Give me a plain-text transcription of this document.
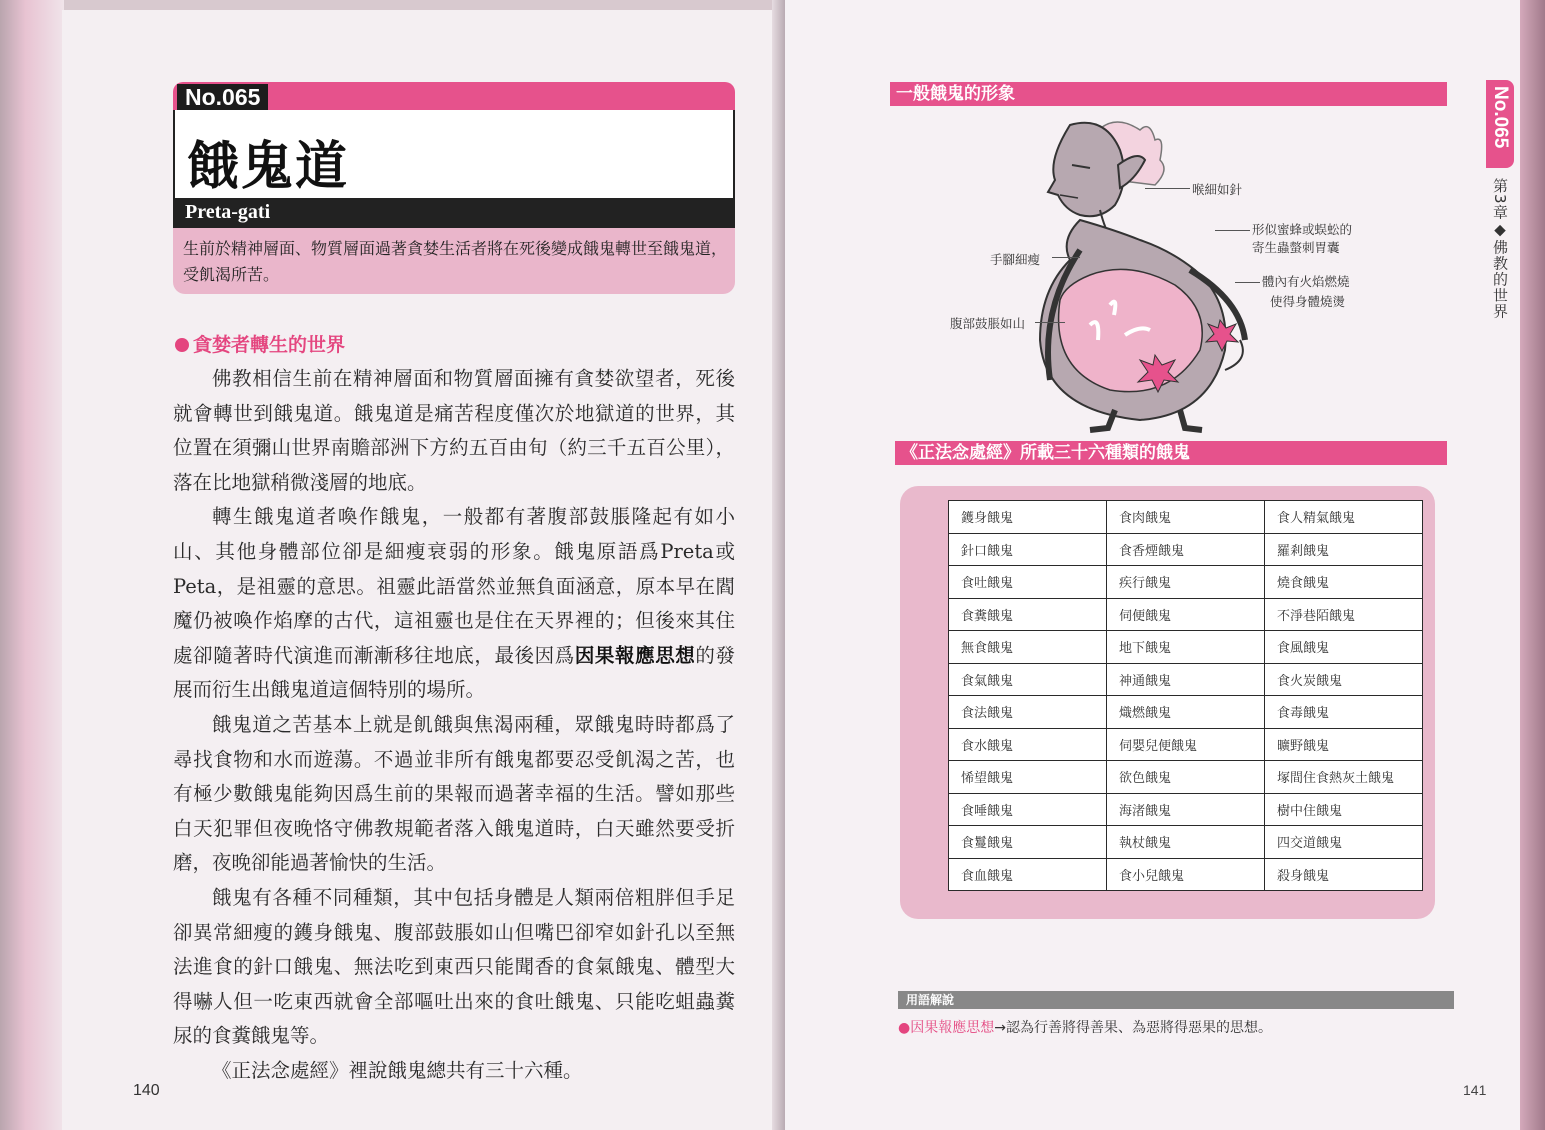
No.065
餓鬼道
Preta-gati
生前於精神層面、物質層面過著貪婪生活者將在死後變成餓鬼轉世至餓鬼道，受飢渴所苦。
貪婪者轉生的世界

佛教相信生前在精神層面和物質層面擁有貪婪欲望者，死後就會轉世到餓鬼道。餓鬼道是痛苦程度僅次於地獄道的世界，其位置在須彌山世界南贍部洲下方約五百由旬（約三千五百公里），落在比地獄稍微淺層的地底。

轉生餓鬼道者喚作餓鬼，一般都有著腹部鼓脹隆起有如小山、其他身體部位卻是細瘦衰弱的形象。餓鬼原語爲Preta或Peta，是祖靈的意思。祖靈此語當然並無負面涵意，原本早在閻魔仍被喚作焰摩的古代，這祖靈也是住在天界裡的；但後來其住處卻隨著時代演進而漸漸移往地底，最後因爲因果報應思想的發展而衍生出餓鬼道這個特別的場所。

餓鬼道之苦基本上就是飢餓與焦渴兩種，眾餓鬼時時都爲了尋找食物和水而遊蕩。不過並非所有餓鬼都要忍受飢渴之苦，也有極少數餓鬼能夠因爲生前的果報而過著幸福的生活。譬如那些白天犯罪但夜晚恪守佛教規範者落入餓鬼道時，白天雖然要受折磨，夜晚卻能過著愉快的生活。

餓鬼有各種不同種類，其中包括身體是人類兩倍粗胖但手足卻異常細瘦的鑊身餓鬼、腹部鼓脹如山但嘴巴卻窄如針孔以至無法進食的針口餓鬼、無法吃到東西只能聞香的食氣餓鬼、體型大得嚇人但一吃東西就會全部嘔吐出來的食吐餓鬼、只能吃蛆蟲糞尿的食糞餓鬼等。

《正法念處經》裡說餓鬼總共有三十六種。

140
一般餓鬼的形象
喉細如針
形似蜜蜂或蜈蚣的
寄生蟲螫刺胃囊
手腳細瘦
體內有火焰燃燒
使得身體燒燙
腹部鼓脹如山
《正法念處經》所載三十六種類的餓鬼
鑊身餓鬼	食肉餓鬼	食人精氣餓鬼
針口餓鬼	食香煙餓鬼	羅剎餓鬼
食吐餓鬼	疾行餓鬼	燒食餓鬼
食糞餓鬼	伺便餓鬼	不淨巷陌餓鬼
無食餓鬼	地下餓鬼	食風餓鬼
食氣餓鬼	神通餓鬼	食火炭餓鬼
食法餓鬼	熾燃餓鬼	食毒餓鬼
食水餓鬼	伺嬰兒便餓鬼	曠野餓鬼
悕望餓鬼	欲色餓鬼	塚間住食熱灰土餓鬼
食唾餓鬼	海渚餓鬼	樹中住餓鬼
食鬘餓鬼	執杖餓鬼	四交道餓鬼
食血餓鬼	食小兒餓鬼	殺身餓鬼
No.065
第3章◆佛教的世界
用語解說
●因果報應思想→認為行善將得善果、為惡將得惡果的思想。
141
